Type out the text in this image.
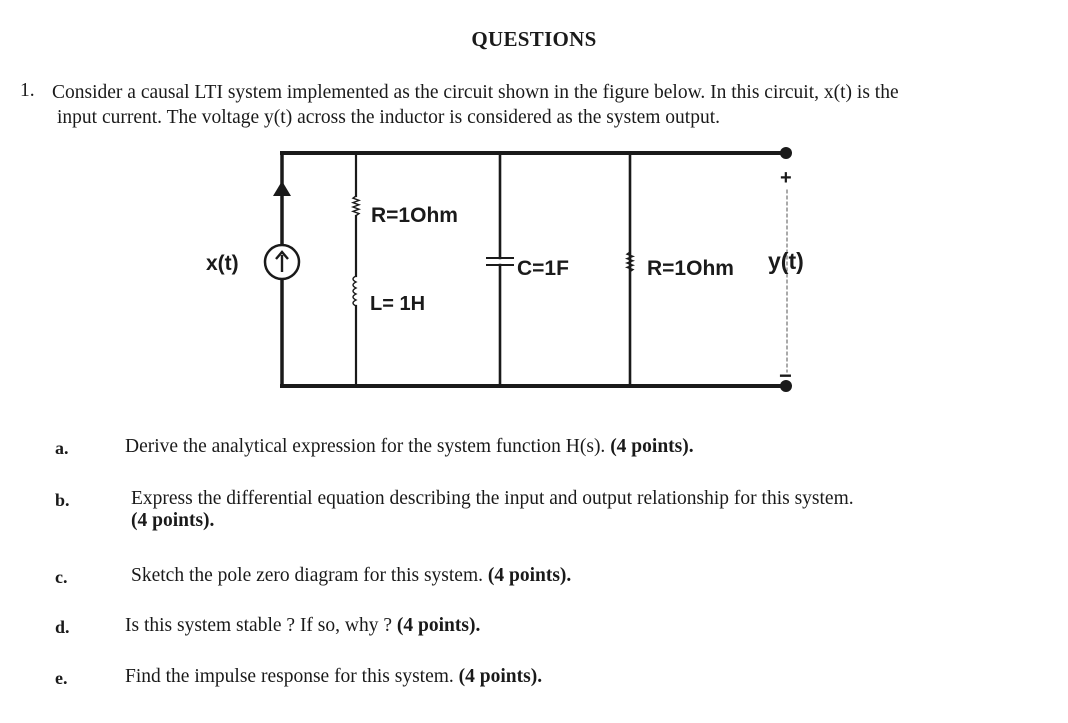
QUESTIONS
1. Consider a causal LTI system implemented as the circuit shown in the figure below. In this circuit, x(t) is the
input current. The voltage y(t) across the inductor is considered as the system output.
x(t)
R=1Ohm
L= 1H
C=1F	R=1Ohm y(t)
+
−
a.	Derive the analytical expression for the system function H(s). (4 points).
b.	Express the differential equation describing the input and output relationship for this system.
(4 points).
c.	Sketch the pole zero diagram for this system. (4 points).
d.	Is this system stable ? If so, why ? (4 points).
e.	Find the impulse response for this system. (4 points).
